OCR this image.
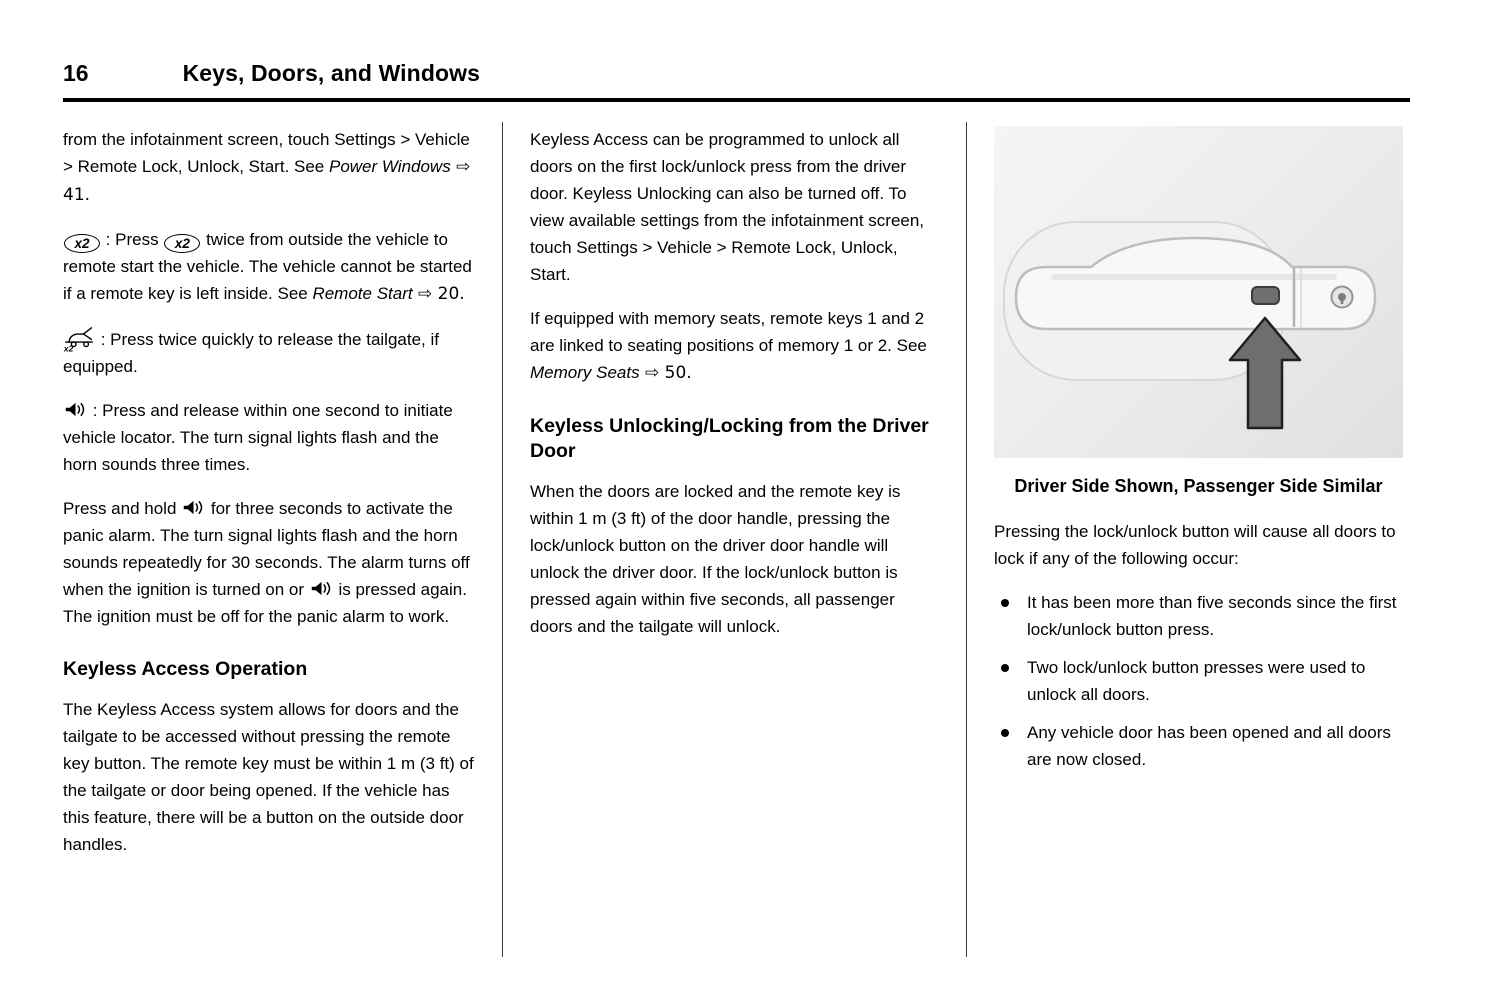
16	Keys, Doors, and Windows

from the infotainment screen, touch Settings > Vehicle > Remote Lock, Unlock, Start. See Power Windows ⇨ 41.

x2 : Press x2 twice from outside the vehicle to remote start the vehicle. The vehicle cannot be started if a remote key is left inside. See Remote Start ⇨ 20.

: Press twice quickly to release the tailgate, if equipped.

: Press and release within one second to initiate vehicle locator. The turn signal lights flash and the horn sounds three times.

Press and hold  for three seconds to activate the panic alarm. The turn signal lights flash and the horn sounds repeatedly for 30 seconds. The alarm turns off when the ignition is turned on or  is pressed again. The ignition must be off for the panic alarm to work.

Keyless Access Operation

The Keyless Access system allows for doors and the tailgate to be accessed without pressing the remote key button. The remote key must be within 1 m (3 ft) of the tailgate or door being opened. If the vehicle has this feature, there will be a button on the outside door handles.

Keyless Access can be programmed to unlock all doors on the first lock/unlock press from the driver door. Keyless Unlocking can also be turned off. To view available settings from the infotainment screen, touch Settings > Vehicle > Remote Lock, Unlock, Start.

If equipped with memory seats, remote keys 1 and 2 are linked to seating positions of memory 1 or 2. See Memory Seats ⇨ 50.

Keyless Unlocking/Locking from the Driver Door

When the doors are locked and the remote key is within 1 m (3 ft) of the door handle, pressing the lock/unlock button on the driver door handle will unlock the driver door. If the lock/unlock button is pressed again within five seconds, all passenger doors and the tailgate will unlock.

Driver Side Shown, Passenger Side Similar

Pressing the lock/unlock button will cause all doors to lock if any of the following occur:

It has been more than five seconds since the first lock/unlock button press.
Two lock/unlock button presses were used to unlock all doors.
Any vehicle door has been opened and all doors are now closed.
